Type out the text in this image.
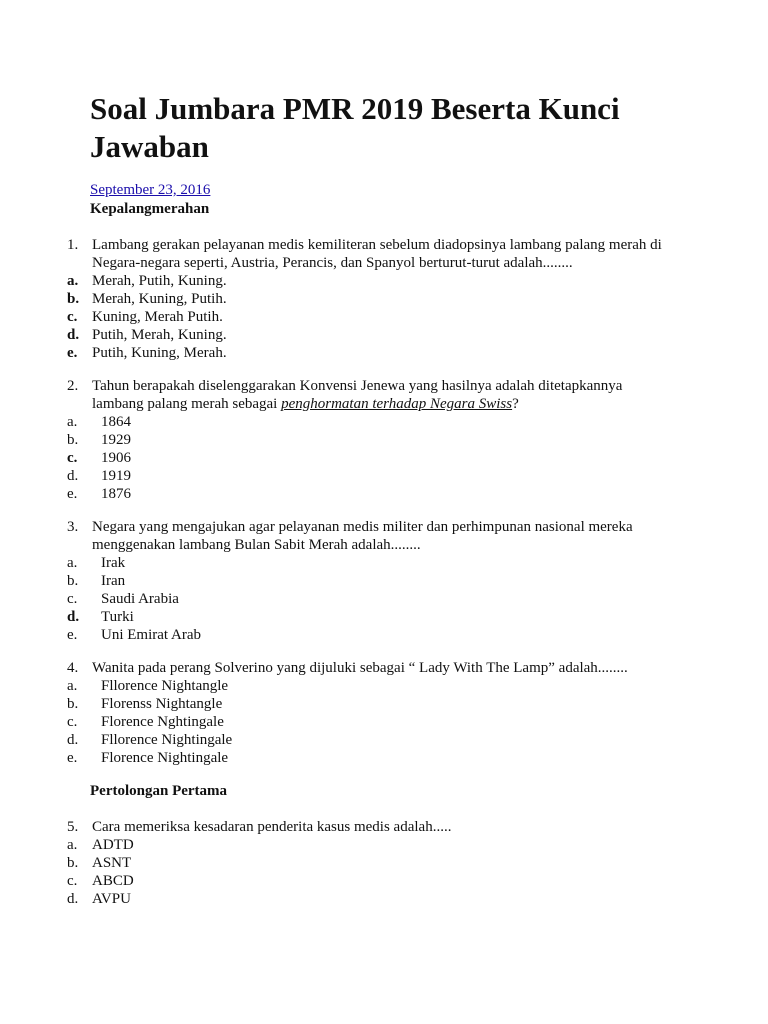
Soal Jumbara PMR 2019 Beserta Kunci Jawaban
September 23, 2016
Kepalangmerahan
1. Lambang gerakan pelayanan medis kemiliteran sebelum diadopsinya lambang palang merah di
Negara-negara seperti, Austria, Perancis, dan Spanyol berturut-turut adalah........
a. Merah, Putih, Kuning.
b. Merah, Kuning, Putih.
c. Kuning, Merah Putih.
d. Putih, Merah, Kuning.
e. Putih, Kuning, Merah.
2. Tahun berapakah diselenggarakan Konvensi Jenewa yang hasilnya adalah ditetapkannya
lambang palang merah sebagai penghormatan terhadap Negara Swiss?
a.	1864
b.	1929
c.	1906
d.	1919
e.	1876
3. Negara yang mengajukan agar pelayanan medis militer dan perhimpunan nasional mereka
menggenakan lambang Bulan Sabit Merah adalah........
a.	Irak
b.	Iran
c.	Saudi Arabia
d.	Turki
e.	Uni Emirat Arab
4. Wanita pada perang Solverino yang dijuluki sebagai “ Lady With The Lamp” adalah........
a.	Fllorence Nightangle
b.	Florenss Nightangle
c.	Florence Nghtingale
d.	Fllorence Nightingale
e.	Florence Nightingale
Pertolongan Pertama
5. Cara memeriksa kesadaran penderita kasus medis adalah.....
a. ADTD
b. ASNT
c. ABCD
d. AVPU
